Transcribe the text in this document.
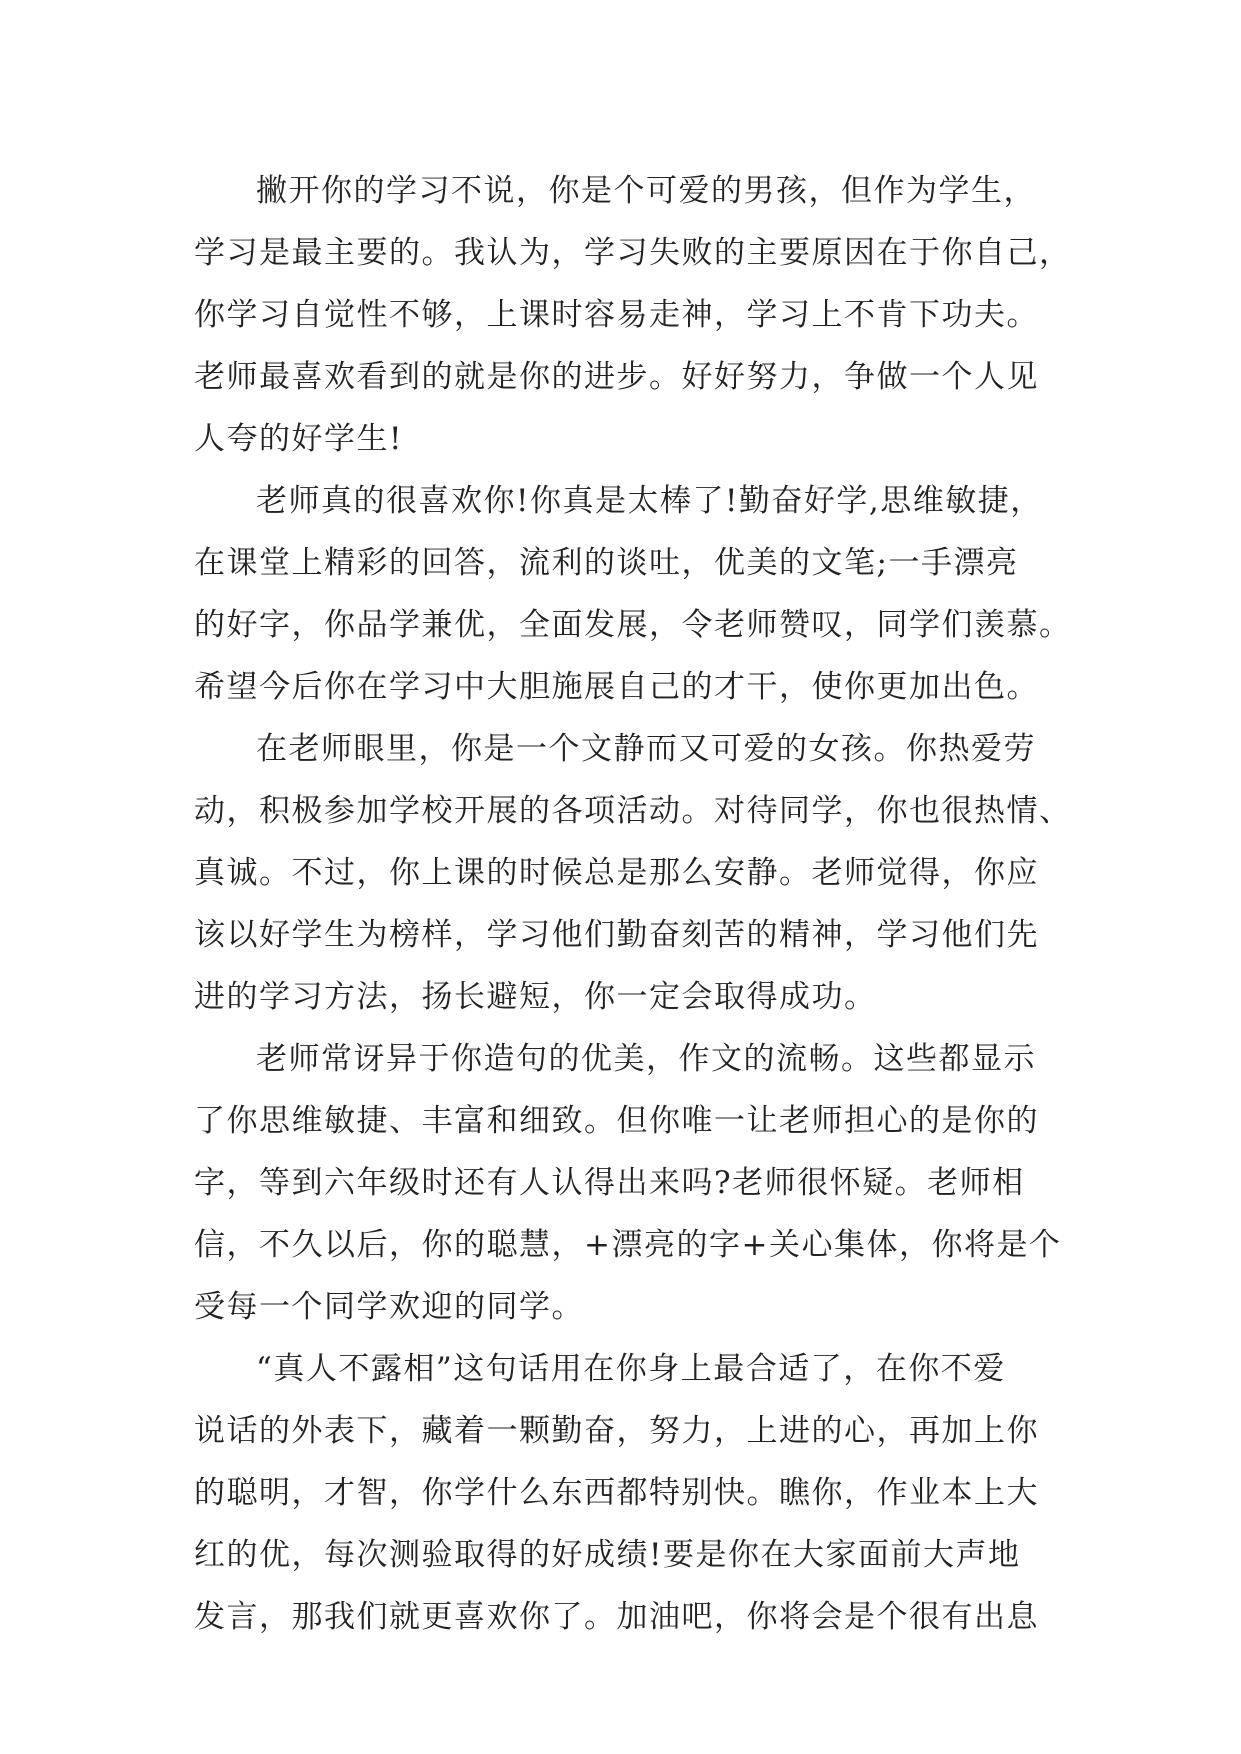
撇开你的学习不说，你是个可爱的男孩，但作为学生，
学习是最主要的。我认为，学习失败的主要原因在于你自己，
你学习自觉性不够，上课时容易走神，学习上不肯下功夫。
老师最喜欢看到的就是你的进步。好好努力，争做一个人见
人夸的好学生!
老师真的很喜欢你!你真是太棒了!勤奋好学,思维敏捷，
在课堂上精彩的回答，流利的谈吐，优美的文笔;一手漂亮
的好字，你品学兼优，全面发展，令老师赞叹，同学们羡慕。
希望今后你在学习中大胆施展自己的才干，使你更加出色。
在老师眼里，你是一个文静而又可爱的女孩。你热爱劳
动，积极参加学校开展的各项活动。对待同学，你也很热情、
真诚。不过，你上课的时候总是那么安静。老师觉得，你应
该以好学生为榜样，学习他们勤奋刻苦的精神，学习他们先
进的学习方法，扬长避短，你一定会取得成功。
老师常讶异于你造句的优美，作文的流畅。这些都显示
了你思维敏捷、丰富和细致。但你唯一让老师担心的是你的
字，等到六年级时还有人认得出来吗?老师很怀疑。老师相
信，不久以后，你的聪慧，+漂亮的字+关心集体，你将是个
受每一个同学欢迎的同学。
“真人不露相”这句话用在你身上最合适了，在你不爱
说话的外表下，藏着一颗勤奋，努力，上进的心，再加上你
的聪明，才智，你学什么东西都特别快。瞧你，作业本上大
红的优，每次测验取得的好成绩!要是你在大家面前大声地
发言，那我们就更喜欢你了。加油吧，你将会是个很有出息
